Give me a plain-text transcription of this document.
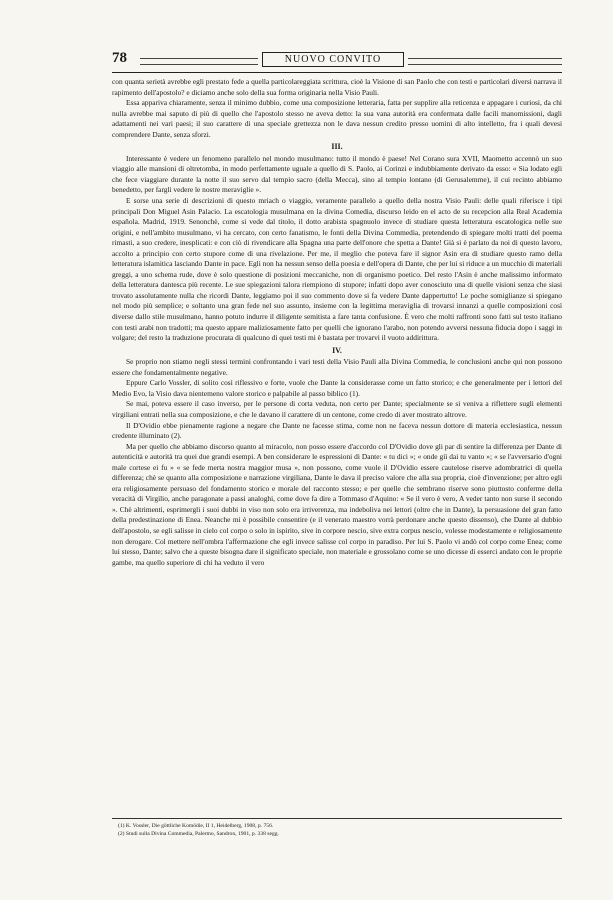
78	NUOVO CONVITO

con quanta serietà avrebbe egli prestato fede a quella particolareggiata scrittura, cioè la Visione di san Paolo che con testi e particolari diversi narrava il rapimento dell'apostolo? e diciamo anche solo della sua forma originaria nella Visio Pauli.

Essa appariva chiaramente, senza il minimo dubbio, come una composizione letteraria, fatta per supplire alla reticenza e appagare i curiosi, da chi nulla avrebbe mai saputo di più di quello che l'apostolo stesso ne aveva detto: la sua vana autorità era confermata dalle facili manomissioni, dagli adattamenti nei vari paesi; il suo carattere di una speciale grettezza non le dava nessun credito presso uomini di alto intelletto, fra i quali devesi comprendere Dante, senza sforzi.

III.

Interessante è vedere un fenomeno parallelo nel mondo musulmano: tutto il mondo è paese! Nel Corano sura XVII, Maometto accennò un suo viaggio alle mansioni di oltretomba, in modo perfettamente uguale a quello di S. Paolo, ai Corinzi e indubbiamente derivato da esso: « Sia lodato egli che fece viaggiare durante la notte il suo servo dal tempio sacro (della Mecca), sino al tempio lontano (di Gerusalemme), il cui recinto abbiamo benedetto, per fargli vedere le nostre meraviglie ».

E sorse una serie di descrizioni di questo mriach o viaggio, veramente parallelo a quello della nostra Visio Pauli: delle quali riferisce i tipi principali Don Miguel Asin Palacio. La escatologia musulmana en la divina Comedia, discurso leido en el acto de su recepcion alla Real Academia española. Madrid, 1919. Senonchè, come si vede dal titolo, il dotto arabista spagnuolo invece di studiare questa letteratura escatologica nelle sue origini, e nell'ambito musulmano, vi ha cercato, con certo fanatismo, le fonti della Divina Commedia, pretendendo di spiegare molti tratti del poema rimasti, a suo credere, inesplicati: e con ciò di rivendicare alla Spagna una parte dell'onore che spetta a Dante! Già si è parlato da noi di questo lavoro, accolto a principio con certo stupore come di una rivelazione. Per me, il meglio che poteva fare il signor Asin era di studiare questo ramo della letteratura islamitica lasciando Dante in pace. Egli non ha nessun senso della poesia e dell'opera di Dante, che per lui si riduce a un mucchio di materiali greggi, a uno schema rude, dove è solo questione di posizioni meccaniche, non di organismo poetico. Del resto l'Asin è anche malissimo informato della letteratura dantesca più recente. Le sue spiegazioni talora riempiono di stupore; infatti dopo aver conosciuto una di quelle visioni senza che siasi trovato assolutamente nulla che ricordi Dante, leggiamo poi il suo commento dove si fa vedere Dante dappertutto! Le poche somiglianze si spiegano nel modo più semplice; e soltanto una gran fede nel suo assunto, insieme con la legittima meraviglia di trovarsi innanzi a quelle composizioni così diverse dallo stile musulmano, hanno potuto indurre il diligente semitista a fare tanta confusione. È vero che molti raffronti sono fatti sul testo italiano con testi arabi non tradotti; ma questo appare maliziosamente fatto per quelli che ignorano l'arabo, non potendo avversi nessuna fiducia dopo i saggi in volgare; del resto la traduzione procurata di qualcuno di quei testi mi è bastata per trovarvi il vuoto addirittura.

IV.

Se proprio non stiamo negli stessi termini confrontando i vari testi della Visio Pauli alla Divina Commedia, le conclusioni anche qui non possono essere che fondamentalmente negative.

Eppure Carlo Vossler, di solito così riflessivo e forte, vuole che Dante la considerasse come un fatto storico; e che generalmente per i lettori del Medio Evo, la Visio dava nientemeno valore storico e palpabile al passo biblico (1).

Se mai, poteva essere il caso inverso, per le persone di corta veduta, non certo per Dante; specialmente se si veniva a riflettere sugli elementi virgiliani entrati nella sua composizione, e che le davano il carattere di un centone, come credo di aver mostrato altrove.

Il D'Ovidio ebbe pienamente ragione a negare che Dante ne facesse stima, come non ne faceva nessun dottore di materia ecclesiastica, nessun credente illuminato (2).

Ma per quello che abbiamo discorso quanto al miracolo, non posso essere d'accordo col D'Ovidio dove gli par di sentire la differenza per Dante di autenticità e autorità tra quei due grandi esempi. A ben considerare le espressioni di Dante: « tu dici »; « onde giì dai tu vanto »; « se l'avversario d'ogni male cortese ei fu » « se fede merta nostra maggior musa », non possono, come vuole il D'Ovidio essere cautelose riserve adombratrici di quella differenza; chè se quanto alla composizione e narrazione virgiliana, Dante le dava il preciso valore che alla sua propria, cioè d'invenzione; per altro egli era religiosamente persuaso del fondamento storico e morale del racconto stesso; e per quelle che sembrano riserve sono piuttosto conferme della veracità di Virgilio, anche paragonate a passi analoghi, come dove fa dire a Tommaso d'Aquino: « Se il vero è vero, A veder tanto non surse il secondo ». Chè altrimenti, esprimergli i suoi dubbi in viso non solo era irriverenza, ma indeboliva nei lettori (oltre che in Dante), la persuasione del gran fatto della predestinazione di Enea. Neanche mi è possibile consentire (e il venerato maestro vorrà perdonare anche questo dissenso), che Dante al dubbio dell'apostolo, se egli salisse in cielo col corpo o solo in ispirito, sive in corpore nescio, sive extra corpus nescio, volesse modestamente e religiosamente non derogare. Col mettere nell'ombra l'affermazione che egli invece salisse col corpo in paradiso. Per lui S. Paolo vi andò col corpo come Enea; come lui stesso, Dante; salvo che a queste bisogna dare il significato speciale, non materiale e grossolano come se uno dicesse di esserci andato con le proprie gambe, ma quello superiore di chi ha veduto il vero

(1) K. Vossler, Die göttliche Komödie, II 1, Heidelberg, 1908, p. 756.
(2) Studi sulla Divina Commedia, Palermo, Sandron, 1901, p. 338 segg.
